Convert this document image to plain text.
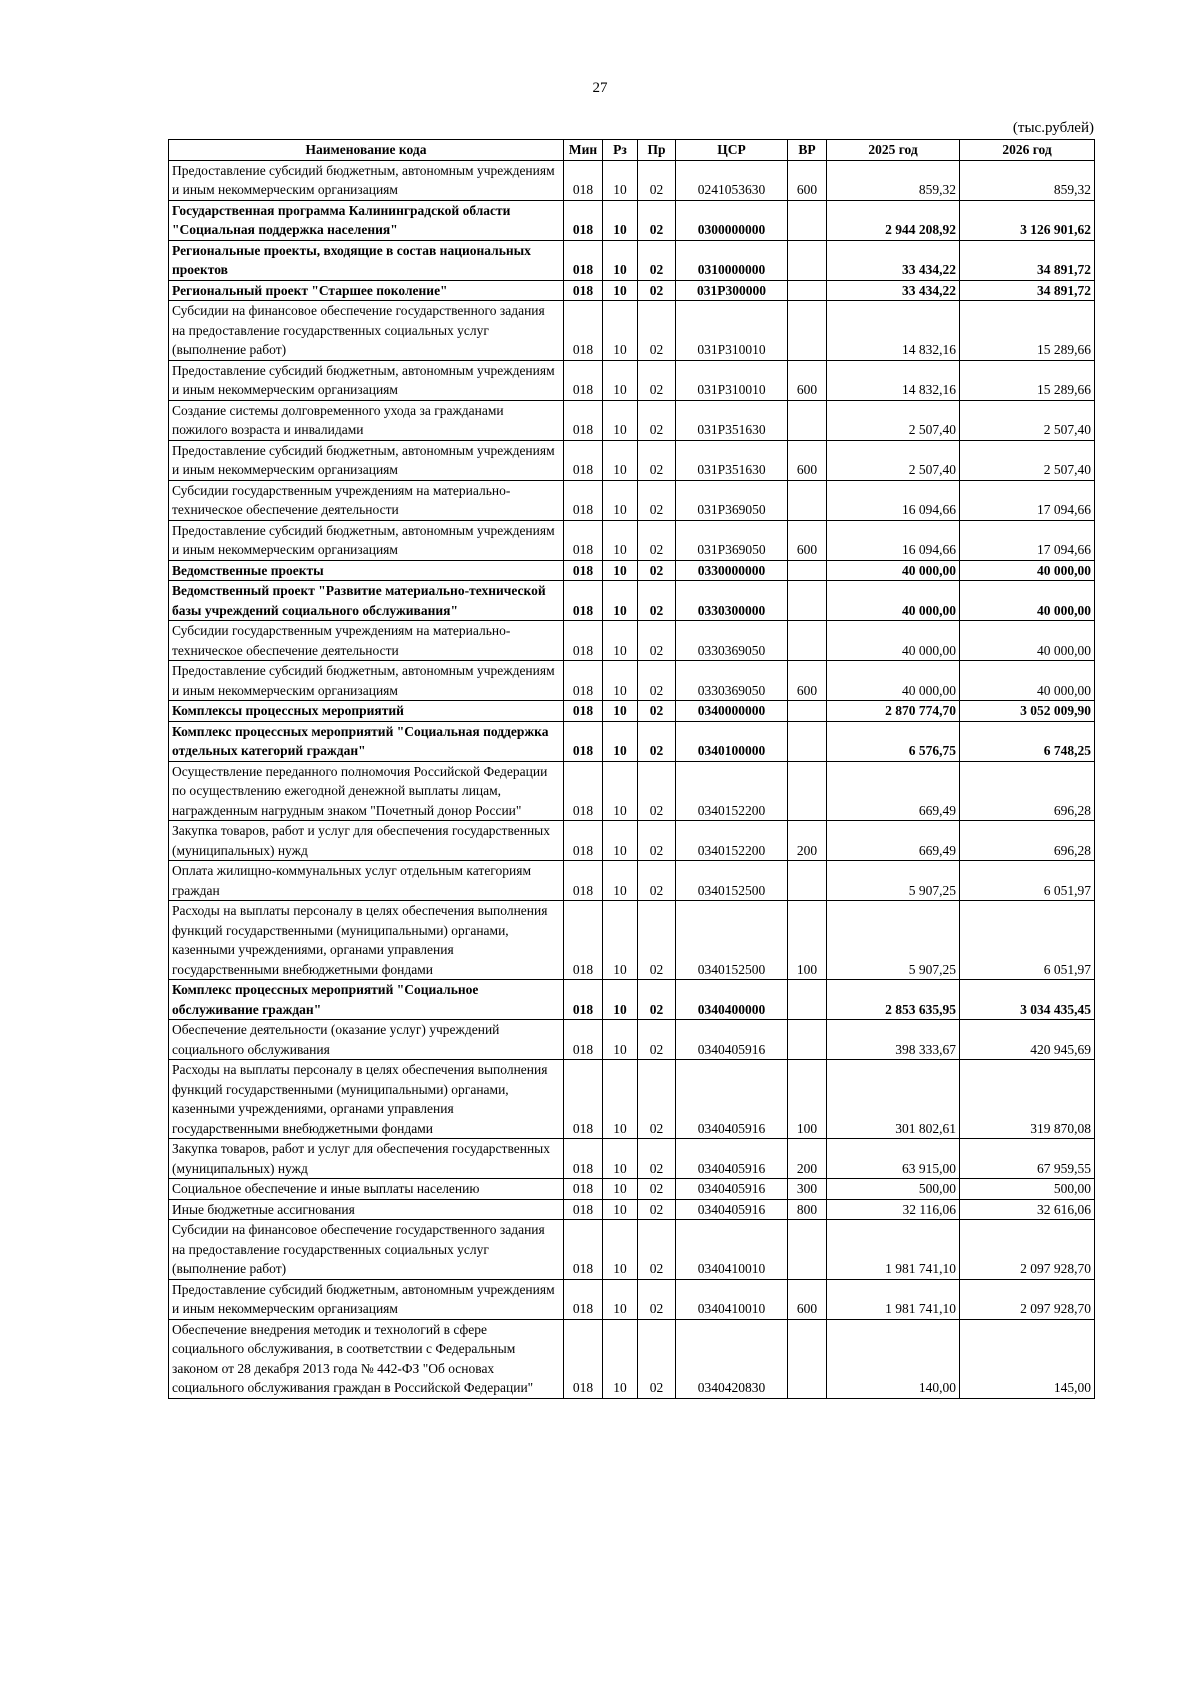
27
(тыс.рублей)
Наименование кода	Мин	Рз	Пр	ЦСР	ВР	2025 год	2026 год
Предоставление субсидий бюджетным, автономным учреждениям и иным некоммерческим организациям	018	10	02	0241053630	600	859,32	859,32
Государственная программа Калининградской области "Социальная поддержка населения"	018	10	02	0300000000		2 944 208,92	3 126 901,62
Региональные проекты, входящие в состав национальных проектов	018	10	02	0310000000		33 434,22	34 891,72
Региональный проект "Старшее поколение"	018	10	02	031P300000		33 434,22	34 891,72
Субсидии на финансовое обеспечение государственного задания на предоставление государственных социальных услуг (выполнение работ)	018	10	02	031P310010		14 832,16	15 289,66
Предоставление субсидий бюджетным, автономным учреждениям и иным некоммерческим организациям	018	10	02	031P310010	600	14 832,16	15 289,66
Создание системы долговременного ухода за гражданами пожилого возраста и инвалидами	018	10	02	031P351630		2 507,40	2 507,40
Предоставление субсидий бюджетным, автономным учреждениям и иным некоммерческим организациям	018	10	02	031P351630	600	2 507,40	2 507,40
Субсидии государственным учреждениям на материально-техническое обеспечение деятельности	018	10	02	031P369050		16 094,66	17 094,66
Предоставление субсидий бюджетным, автономным учреждениям и иным некоммерческим организациям	018	10	02	031P369050	600	16 094,66	17 094,66
Ведомственные проекты	018	10	02	0330000000		40 000,00	40 000,00
Ведомственный проект "Развитие материально-технической базы учреждений социального обслуживания"	018	10	02	0330300000		40 000,00	40 000,00
Субсидии государственным учреждениям на материально-техническое обеспечение деятельности	018	10	02	0330369050		40 000,00	40 000,00
Предоставление субсидий бюджетным, автономным учреждениям и иным некоммерческим организациям	018	10	02	0330369050	600	40 000,00	40 000,00
Комплексы процессных мероприятий	018	10	02	0340000000		2 870 774,70	3 052 009,90
Комплекс процессных мероприятий "Социальная поддержка отдельных категорий граждан"	018	10	02	0340100000		6 576,75	6 748,25
Осуществление переданного полномочия Российской Федерации по осуществлению ежегодной денежной выплаты лицам, награжденным нагрудным знаком "Почетный донор России"	018	10	02	0340152200		669,49	696,28
Закупка товаров, работ и услуг для обеспечения государственных (муниципальных) нужд	018	10	02	0340152200	200	669,49	696,28
Оплата жилищно-коммунальных услуг отдельным категориям граждан	018	10	02	0340152500		5 907,25	6 051,97
Расходы на выплаты персоналу в целях обеспечения выполнения функций государственными (муниципальными) органами, казенными учреждениями, органами управления государственными внебюджетными фондами	018	10	02	0340152500	100	5 907,25	6 051,97
Комплекс процессных мероприятий "Социальное обслуживание граждан"	018	10	02	0340400000		2 853 635,95	3 034 435,45
Обеспечение деятельности (оказание услуг) учреждений социального обслуживания	018	10	02	0340405916		398 333,67	420 945,69
Расходы на выплаты персоналу в целях обеспечения выполнения функций государственными (муниципальными) органами, казенными учреждениями, органами управления государственными внебюджетными фондами	018	10	02	0340405916	100	301 802,61	319 870,08
Закупка товаров, работ и услуг для обеспечения государственных (муниципальных) нужд	018	10	02	0340405916	200	63 915,00	67 959,55
Социальное обеспечение и иные выплаты населению	018	10	02	0340405916	300	500,00	500,00
Иные бюджетные ассигнования	018	10	02	0340405916	800	32 116,06	32 616,06
Субсидии на финансовое обеспечение государственного задания на предоставление государственных социальных услуг (выполнение работ)	018	10	02	0340410010		1 981 741,10	2 097 928,70
Предоставление субсидий бюджетным, автономным учреждениям и иным некоммерческим организациям	018	10	02	0340410010	600	1 981 741,10	2 097 928,70
Обеспечение внедрения методик и технологий в сфере социального обслуживания, в соответствии с Федеральным законом от 28 декабря 2013 года № 442-ФЗ "Об основах социального обслуживания граждан в Российской Федерации"	018	10	02	0340420830		140,00	145,00
